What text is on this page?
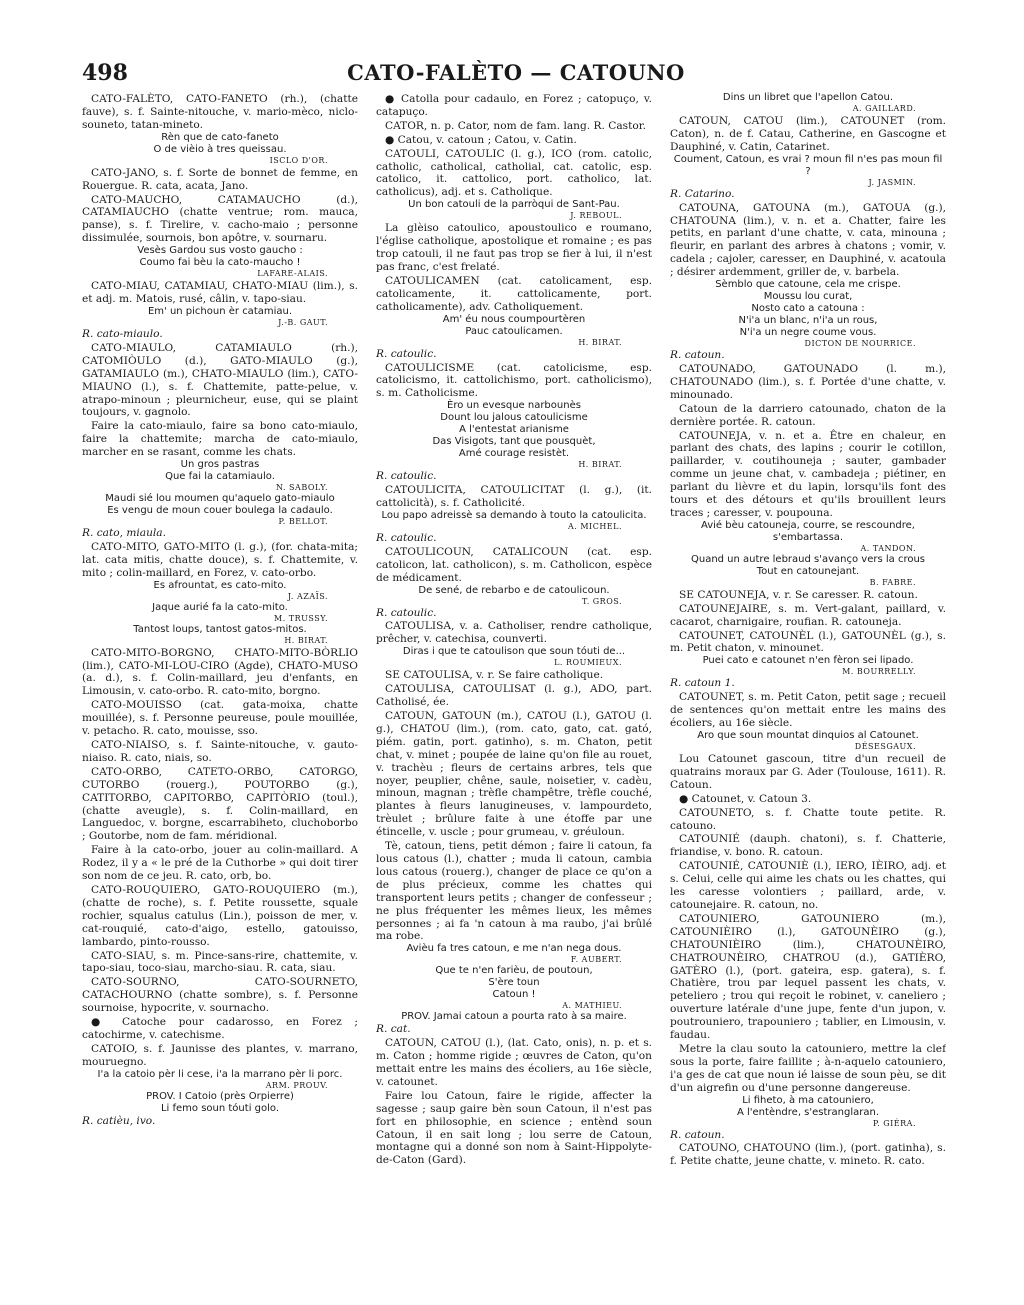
498	CATO-FALÈTO — CATOUNO

CATO-FALÈTO, CATO-FANETO (rh.), (chatte fauve), s. f. Sainte-nitouche, v. mario-mèco, niclo-souneto, tatan-mineto.

Rèn que de cato-faneto

O de vièio à tres queissau.

ISCLO D'OR.

CATO-JANO, s. f. Sorte de bonnet de femme, en Rouergue. R. cata, acata, Jano.

CATO-MAUCHO, CATAMAUCHO (d.), CATAMIAUCHO (chatte ventrue; rom. mauca, panse), s. f. Tirelire, v. cacho-maio ; personne dissimulée, sournois, bon apôtre, v. sournaru.

Vesès Gardou sus vosto gaucho :

Coumo fai bèu la cato-maucho !

LAFARE-ALAIS.

CATO-MIAU, CATAMIAU, CHATO-MIAU (lim.), s. et adj. m. Matois, rusé, câlin, v. tapo-siau.

Em' un pichoun èr catamiau.

J.-B. GAUT.

R. cato-miaulo.

CATO-MIAULO, CATAMIAULO (rh.), CATOMIÒULO (d.), GATO-MIAULO (g.), GATAMIAULO (m.), CHATO-MIAULO (lim.), CATO-MIAUNO (l.), s. f. Chattemite, patte-pelue, v. atrapo-minoun ; pleurnicheur, euse, qui se plaint toujours, v. gagnolo.

Faire la cato-miaulo, faire sa bono cato-miaulo, faire la chattemite; marcha de cato-miaulo, marcher en se rasant, comme les chats.

Un gros pastras

Que fai la catamiaulo.

N. SABOLY.

Maudi sié lou moumen qu'aquelo gato-miaulo

Es vengu de moun couer boulega la cadaulo.

P. BELLOT.

R. cato, miaula.

CATO-MITO, GATO-MITO (l. g.), (for. chata-mita; lat. cata mitis, chatte douce), s. f. Chattemite, v. mito ; colin-maillard, en Forez, v. cato-orbo.

Es afrountat, es cato-mito.

J. AZAÏS.

Jaque aurié fa la cato-mito.

M. TRUSSY.

Tantost loups, tantost gatos-mitos.

H. BIRAT.

CATO-MITO-BORGNO, CHATO-MITO-BÒRLIO (lim.), CATO-MI-LOU-CIRO (Agde), CHATO-MUSO (a. d.), s. f. Colin-maillard, jeu d'enfants, en Limousin, v. cato-orbo. R. cato-mito, borgno.

CATO-MOUISSO (cat. gata-moixa, chatte mouillée), s. f. Personne peureuse, poule mouillée, v. petacho. R. cato, mouisse, sso.

CATO-NIAISO, s. f. Sainte-nitouche, v. gauto-niaiso. R. cato, niais, so.

CATO-ORBO, CATETO-ORBO, CATORGO, CUTORBO (rouerg.), POUTORBO (g.), CATITORBO, CAPITORBO, CAPITÒRIO (toul.), (chatte aveugle), s. f. Colin-maillard, en Languedoc, v. borgne, escarrabiheto, cluchoborbo ; Goutorbe, nom de fam. méridional.

Faire à la cato-orbo, jouer au colin-maillard. A Rodez, il y a « le pré de la Cuthorbe » qui doit tirer son nom de ce jeu. R. cato, orb, bo.

CATO-ROUQUIERO, GATO-ROUQUIERO (m.), (chatte de roche), s. f. Petite roussette, squale rochier, squalus catulus (Lin.), poisson de mer, v. cat-rouquié, cato-d'aigo, estello, gatouisso, lambardo, pinto-rousso.

CATO-SIAU, s. m. Pince-sans-rire, chattemite, v. tapo-siau, toco-siau, marcho-siau. R. cata, siau.

CATO-SOURNO, CATO-SOURNETO, CATACHOURNO (chatte sombre), s. f. Personne sournoise, hypocrite, v. sournacho.

● Catoche pour cadarosso, en Forez ; catochirme, v. catechisme.

CATOIO, s. f. Jaunisse des plantes, v. marrano, mouruegno.

I'a la catoio pèr li cese, i'a la marrano pèr li porc.

ARM. PROUV.

PROV. I Catoio (près Orpierre)

Li femo soun tóuti golo.

R. catièu, ivo.

● Catolla pour cadaulo, en Forez ; catopuço, v. catapuço.

CATOR, n. p. Cator, nom de fam. lang. R. Castor.

● Catou, v. catoun ; Catou, v. Catin.

CATOULI, CATOULIC (l. g.), ICO (rom. catolic, catholic, catholical, catholial, cat. catolic, esp. catolico, it. cattolico, port. catholico, lat. catholicus), adj. et s. Catholique.

Un bon catouli de la parròqui de Sant-Pau.

J. REBOUL.

La glèiso catoulico, apoustoulico e roumano, l'église catholique, apostolique et romaine ; es pas trop catouli, il ne faut pas trop se fier à lui, il n'est pas franc, c'est frelaté.

CATOULICAMEN (cat. catolicament, esp. catolicamente, it. cattolicamente, port. catholicamente), adv. Catholiquement.

Am' éu nous coumpourtèren

Pauc catoulicamen.

H. BIRAT.

R. catoulic.

CATOULICISME (cat. catolicisme, esp. catolicismo, it. cattolichismo, port. catholicismo), s. m. Catholicisme.

Èro un evesque narbounès

Dount lou jalous catoulicisme

A l'entestat arianisme

Das Visigots, tant que pousquèt,

Amé courage resistèt.

H. BIRAT.

R. catoulic.

CATOULICITA, CATOULICITAT (l. g.), (it. cattolicità), s. f. Catholicité.

Lou papo adreissè sa demando à touto la catoulicita.

A. MICHEL.

R. catoulic.

CATOULICOUN, CATALICOUN (cat. esp. catolicon, lat. catholicon), s. m. Catholicon, espèce de médicament.

De sené, de rebarbo e de catoulicoun.

T. GROS.

R. catoulic.

CATOULISA, v. a. Catholiser, rendre catholique, prêcher, v. catechisa, counverti.

Diras i que te catoulison que soun tóuti de...

L. ROUMIEUX.

SE CATOULISA, v. r. Se faire catholique.

CATOULISA, CATOULISAT (l. g.), ADO, part. Catholisé, ée.

CATOUN, GATOUN (m.), CATOU (l.), GATOU (l. g.), CHATOU (lim.), (rom. cato, gato, cat. gató, piém. gatin, port. gatinho), s. m. Chaton, petit chat, v. minet ; poupée de laine qu'on file au rouet, v. trachèu ; fleurs de certains arbres, tels que noyer, peuplier, chêne, saule, noisetier, v. cadèu, minoun, magnan ; trèfle champêtre, trèfle couché, plantes à fleurs lanugineuses, v. lampourdeto, trèulet ; brûlure faite à une étoffe par une étincelle, v. uscle ; pour grumeau, v. gréuloun.

Tè, catoun, tiens, petit démon ; faire li catoun, fa lous catous (l.), chatter ; muda li catoun, cambia lous catous (rouerg.), changer de place ce qu'on a de plus précieux, comme les chattes qui transportent leurs petits ; changer de confesseur ; ne plus fréquenter les mêmes lieux, les mêmes personnes ; ai fa 'n catoun à ma raubo, j'ai brûlé ma robe.

Avièu fa tres catoun, e me n'an nega dous.

F. AUBERT.

Que te n'en farièu, de poutoun,

S'ère toun

Catoun !

A. MATHIEU.

PROV. Jamai catoun a pourta rato à sa maire.

R. cat.

CATOUN, CATOU (l.), (lat. Cato, onis), n. p. et s. m. Caton ; homme rigide ; œuvres de Caton, qu'on mettait entre les mains des écoliers, au 16e siècle, v. catounet.

Faire lou Catoun, faire le rigide, affecter la sagesse ; saup gaire bèn soun Catoun, il n'est pas fort en philosophie, en science ; entènd soun Catoun, il en sait long ; lou serre de Catoun, montagne qui a donné son nom à Saint-Hippolyte-de-Caton (Gard).

Dins un libret que l'apellon Catou.

A. GAILLARD.

CATOUN, CATOU (lim.), CATOUNET (rom. Caton), n. de f. Catau, Catherine, en Gascogne et Dauphiné, v. Catin, Catarinet.

Coument, Catoun, es vrai ? moun fil n'es pas moun fil ?

J. JASMIN.

R. Catarino.

CATOUNA, GATOUNA (m.), GATOUA (g.), CHATOUNA (lim.), v. n. et a. Chatter, faire les petits, en parlant d'une chatte, v. cata, minouna ; fleurir, en parlant des arbres à chatons ; vomir, v. cadela ; cajoler, caresser, en Dauphiné, v. acatoula ; désirer ardemment, griller de, v. barbela.

Sèmblo que catoune, cela me crispe.

Moussu lou curat,

Nosto cato a catouna :

N'i'a un blanc, n'i'a un rous,

N'i'a un negre coume vous.

DICTON DE NOURRICE.

R. catoun.

CATOUNADO, GATOUNADO (l. m.), CHATOUNADO (lim.), s. f. Portée d'une chatte, v. minounado.

Catoun de la darriero catounado, chaton de la dernière portée. R. catoun.

CATOUNEJA, v. n. et a. Être en chaleur, en parlant des chats, des lapins ; courir le cotillon, paillarder, v. coutihouneja ; sauter, gambader comme un jeune chat, v. cambadeja ; piétiner, en parlant du lièvre et du lapin, lorsqu'ils font des tours et des détours et qu'ils brouillent leurs traces ; caresser, v. poupouna.

Avié bèu catouneja, courre, se rescoundre, s'embartassa.

A. TANDON.

Quand un autre lebraud s'avanço vers la crous

Tout en catounejant.

B. FABRE.

SE CATOUNEJA, v. r. Se caresser. R. catoun.

CATOUNEJAIRE, s. m. Vert-galant, paillard, v. cacarot, charnigaire, roufian. R. catouneja.

CATOUNET, CATOUNÈL (l.), GATOUNÈL (g.), s. m. Petit chaton, v. minounet.

Puei cato e catounet n'en fèron sei lipado.

M. BOURRELLY.

R. catoun 1.

CATOUNET, s. m. Petit Caton, petit sage ; recueil de sentences qu'on mettait entre les mains des écoliers, au 16e siècle.

Aro que soun mountat dinquios al Catounet.

DÉSESGAUX.

Lou Catounet gascoun, titre d'un recueil de quatrains moraux par G. Ader (Toulouse, 1611). R. Catoun.

● Catounet, v. Catoun 3.

CATOUNETO, s. f. Chatte toute petite. R. catouno.

CATOUNIÉ (dauph. chatoni), s. f. Chatterie, friandise, v. bono. R. catoun.

CATOUNIÉ, CATOUNIÈ (l.), IERO, IÈIRO, adj. et s. Celui, celle qui aime les chats ou les chattes, qui les caresse volontiers ; paillard, arde, v. catounejaire. R. catoun, no.

CATOUNIERO, GATOUNIERO (m.), CATOUNIÈIRO (l.), GATOUNÈIRO (g.), CHATOUNIÈIRO (lim.), CHATOUNÈIRO, CHATROUNÈIRO, CHATROU (d.), GATIÈRO, GATÈRO (l.), (port. gateira, esp. gatera), s. f. Chatière, trou par lequel passent les chats, v. peteliero ; trou qui reçoit le robinet, v. caneliero ; ouverture latérale d'une jupe, fente d'un jupon, v. poutrouniero, trapouniero ; tablier, en Limousin, v. faudau.

Metre la clau souto la catouniero, mettre la clef sous la porte, faire faillite ; à-n-aquelo catouniero, i'a ges de cat que noun ié laisse de soun pèu, se dit d'un aigrefin ou d'une personne dangereuse.

Li fiheto, à ma catouniero,

A l'entèndre, s'estranglaran.

P. GIÉRA.

R. catoun.

CATOUNO, CHATOUNO (lim.), (port. gatinha), s. f. Petite chatte, jeune chatte, v. mineto. R. cato.
